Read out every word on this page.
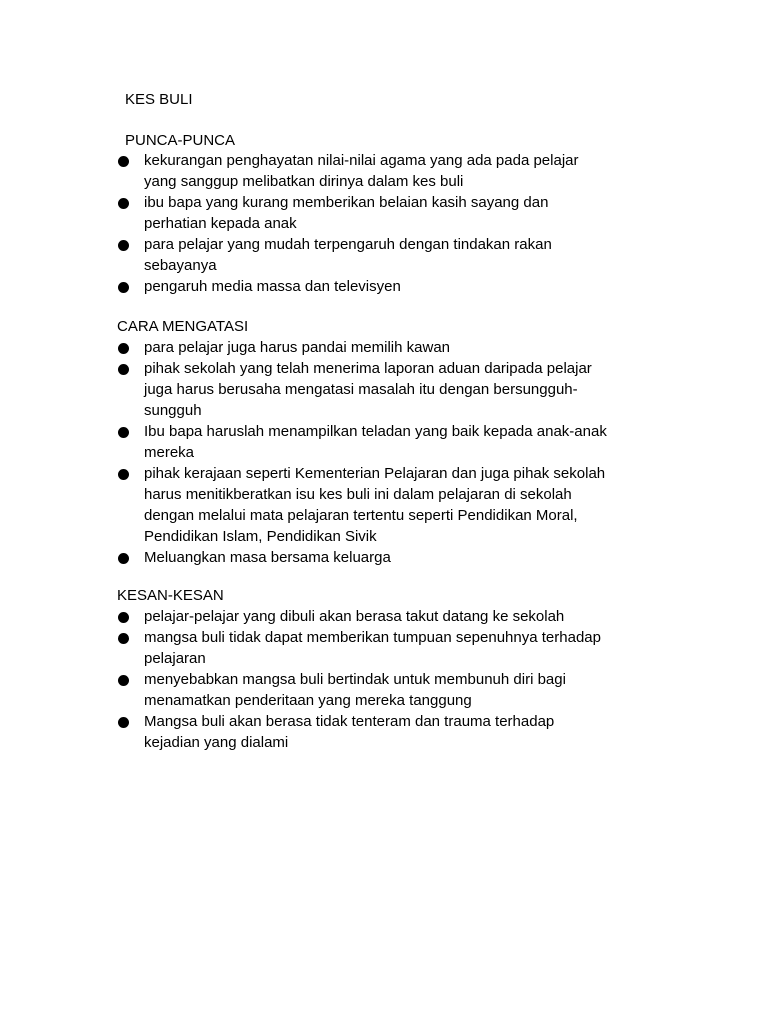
KES BULI
PUNCA-PUNCA
kekurangan penghayatan nilai-nilai agama yang ada pada pelajar
yang sanggup melibatkan dirinya dalam kes buli
ibu bapa yang kurang memberikan belaian kasih sayang dan
perhatian kepada anak
para pelajar yang mudah terpengaruh dengan tindakan rakan
sebayanya
pengaruh media massa dan televisyen
CARA MENGATASI
para pelajar juga harus pandai memilih kawan
pihak sekolah yang telah menerima laporan aduan daripada pelajar
juga harus berusaha mengatasi masalah itu dengan bersungguh-
sungguh
Ibu bapa haruslah menampilkan teladan yang baik kepada anak-anak
mereka
pihak kerajaan seperti Kementerian Pelajaran dan juga pihak sekolah
harus menitikberatkan isu kes buli ini dalam pelajaran di sekolah
dengan melalui mata pelajaran tertentu seperti Pendidikan Moral,
Pendidikan Islam, Pendidikan Sivik
Meluangkan masa bersama keluarga
KESAN-KESAN
pelajar-pelajar yang dibuli akan berasa takut datang ke sekolah
mangsa buli tidak dapat memberikan tumpuan sepenuhnya terhadap
pelajaran
menyebabkan mangsa buli bertindak untuk membunuh diri bagi
menamatkan penderitaan yang mereka tanggung
Mangsa buli akan berasa tidak tenteram dan trauma terhadap
kejadian yang dialami
